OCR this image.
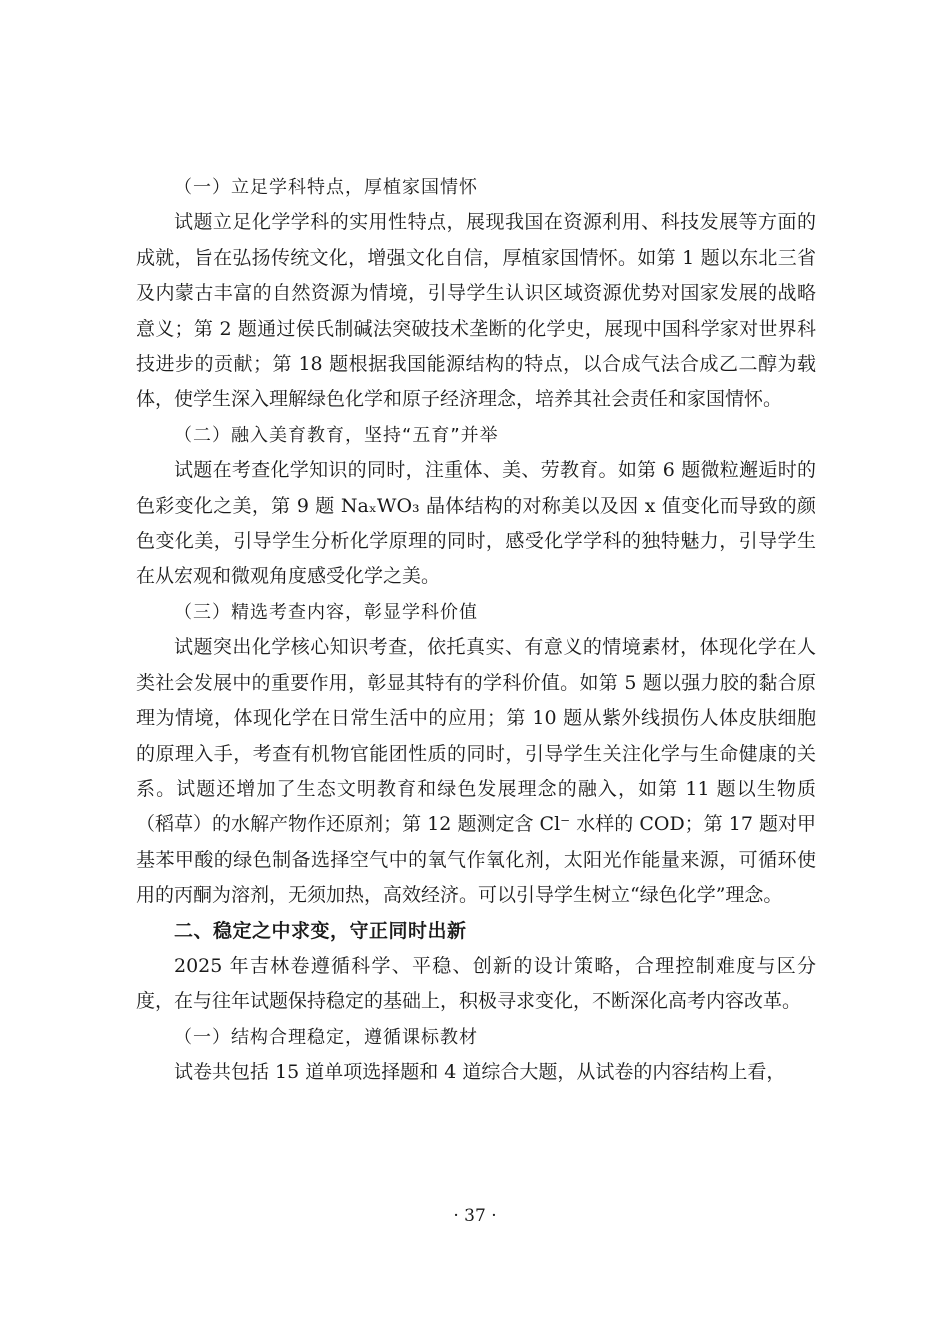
（一）立足学科特点，厚植家国情怀

试题立足化学学科的实用性特点，展现我国在资源利用、科技发展等方面的成就，旨在弘扬传统文化，增强文化自信，厚植家国情怀。如第 1 题以东北三省及内蒙古丰富的自然资源为情境，引导学生认识区域资源优势对国家发展的战略意义；第 2 题通过侯氏制碱法突破技术垄断的化学史，展现中国科学家对世界科技进步的贡献；第 18 题根据我国能源结构的特点，以合成气法合成乙二醇为载体，使学生深入理解绿色化学和原子经济理念，培养其社会责任和家国情怀。

（二）融入美育教育，坚持“五育”并举

试题在考查化学知识的同时，注重体、美、劳教育。如第 6 题微粒邂逅时的色彩变化之美，第 9 题 NaₓWO₃ 晶体结构的对称美以及因 x 值变化而导致的颜色变化美，引导学生分析化学原理的同时，感受化学学科的独特魅力，引导学生在从宏观和微观角度感受化学之美。

（三）精选考查内容，彰显学科价值

试题突出化学核心知识考查，依托真实、有意义的情境素材，体现化学在人类社会发展中的重要作用，彰显其特有的学科价值。如第 5 题以强力胶的黏合原理为情境，体现化学在日常生活中的应用；第 10 题从紫外线损伤人体皮肤细胞的原理入手，考查有机物官能团性质的同时，引导学生关注化学与生命健康的关系。试题还增加了生态文明教育和绿色发展理念的融入，如第 11 题以生物质（稻草）的水解产物作还原剂；第 12 题测定含 Cl⁻ 水样的 COD；第 17 题对甲基苯甲酸的绿色制备选择空气中的氧气作氧化剂，太阳光作能量来源，可循环使用的丙酮为溶剂，无须加热，高效经济。可以引导学生树立“绿色化学”理念。

二、稳定之中求变，守正同时出新

2025 年吉林卷遵循科学、平稳、创新的设计策略，合理控制难度与区分度，在与往年试题保持稳定的基础上，积极寻求变化，不断深化高考内容改革。

（一）结构合理稳定，遵循课标教材

试卷共包括 15 道单项选择题和 4 道综合大题，从试卷的内容结构上看，

· 37 ·
